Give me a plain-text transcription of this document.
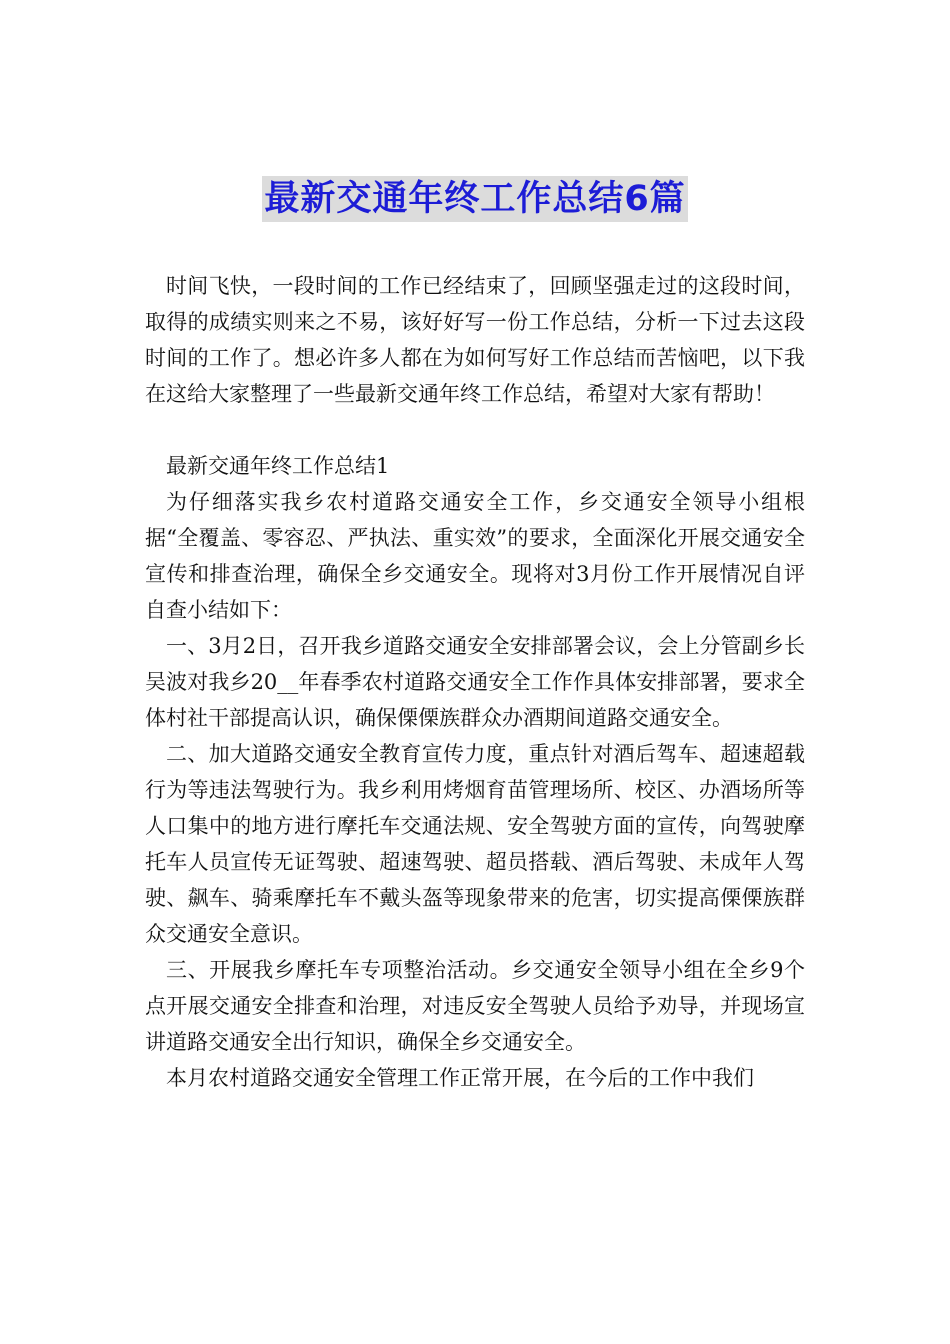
最新交通年终工作总结6篇

时间飞快，一段时间的工作已经结束了，回顾坚强走过的这段时间，取得的成绩实则来之不易，该好好写一份工作总结，分析一下过去这段时间的工作了。想必许多人都在为如何写好工作总结而苦恼吧，以下我在这给大家整理了一些最新交通年终工作总结，希望对大家有帮助！

最新交通年终工作总结1

为仔细落实我乡农村道路交通安全工作，乡交通安全领导小组根据“全覆盖、零容忍、严执法、重实效”的要求，全面深化开展交通安全宣传和排查治理，确保全乡交通安全。现将对3月份工作开展情况自评自查小结如下：

一、3月2日，召开我乡道路交通安全安排部署会议，会上分管副乡长吴波对我乡20__年春季农村道路交通安全工作作具体安排部署，要求全体村社干部提高认识，确保傈傈族群众办酒期间道路交通安全。

二、加大道路交通安全教育宣传力度，重点针对酒后驾车、超速超载行为等违法驾驶行为。我乡利用烤烟育苗管理场所、校区、办酒场所等人口集中的地方进行摩托车交通法规、安全驾驶方面的宣传，向驾驶摩托车人员宣传无证驾驶、超速驾驶、超员搭载、酒后驾驶、未成年人驾驶、飙车、骑乘摩托车不戴头盔等现象带来的危害，切实提高傈傈族群众交通安全意识。

三、开展我乡摩托车专项整治活动。乡交通安全领导小组在全乡9个点开展交通安全排查和治理，对违反安全驾驶人员给予劝导，并现场宣讲道路交通安全出行知识，确保全乡交通安全。

本月农村道路交通安全管理工作正常开展，在今后的工作中我们
